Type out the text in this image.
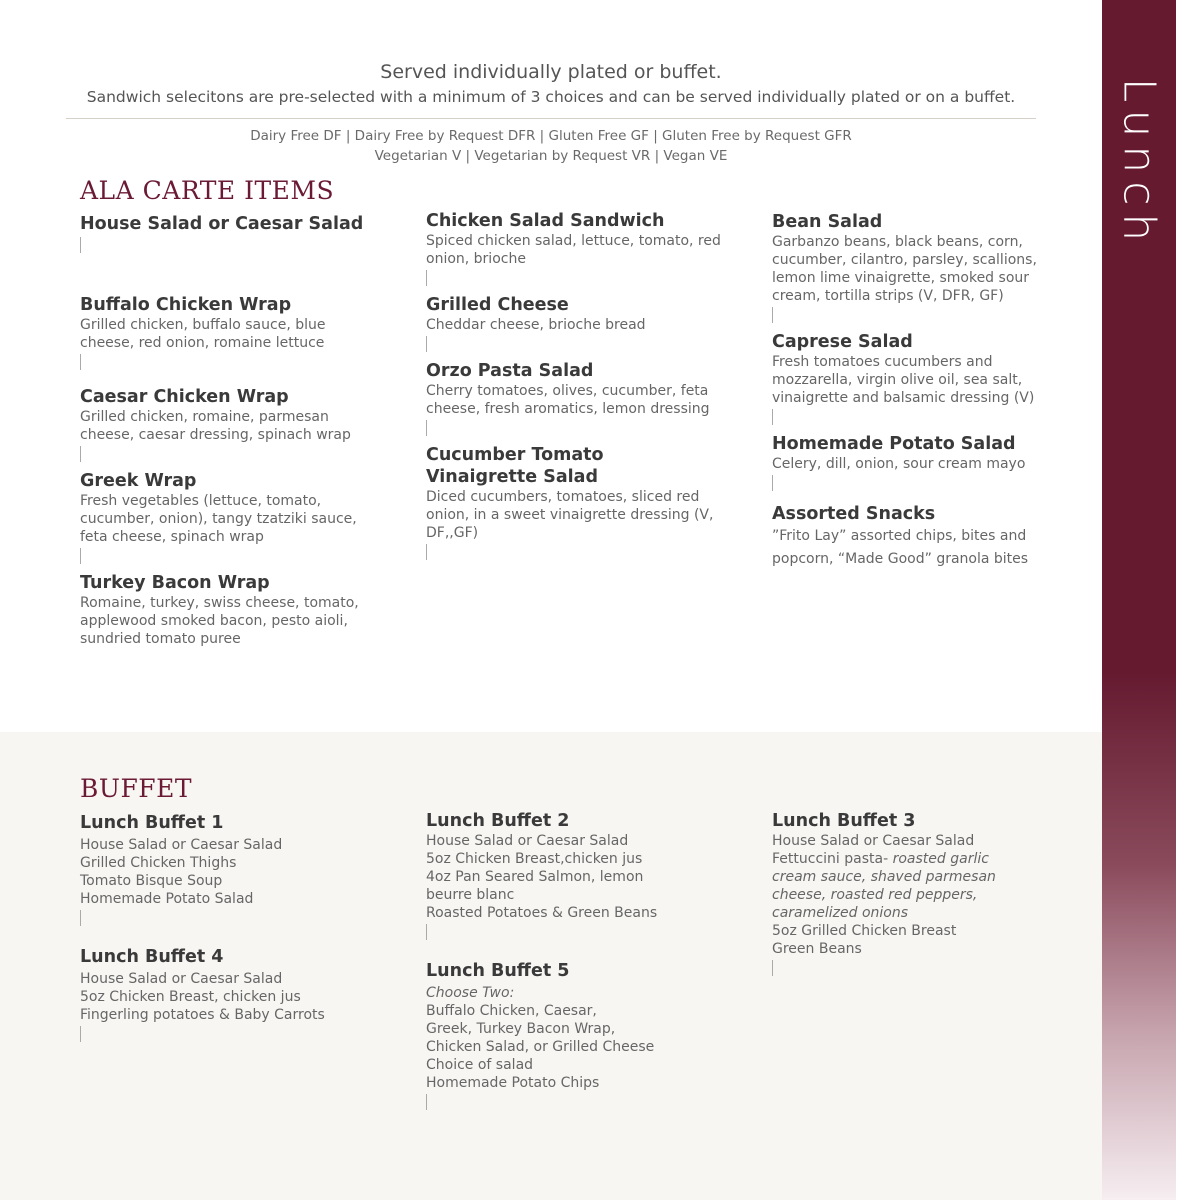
Lunch
Served individually plated or buffet.
Sandwich selecitons are pre-selected with a minimum of 3 choices and can be served individually plated or on a buffet.
Dairy Free DF | Dairy Free by Request DFR | Gluten Free GF | Gluten Free by Request GFR
Vegetarian V | Vegetarian by Request VR | Vegan VE
ALA CARTE ITEMS
House Salad or Caesar Salad
Buffalo Chicken Wrap

Grilled chicken, buffalo sauce, blue cheese, red onion, romaine lettuce

Caesar Chicken Wrap

Grilled chicken, romaine, parmesan cheese, caesar dressing, spinach wrap

Greek Wrap

Fresh vegetables (lettuce, tomato, cucumber, onion), tangy tzatziki sauce, feta cheese, spinach wrap

Turkey Bacon Wrap

Romaine, turkey, swiss cheese, tomato, applewood smoked bacon, pesto aioli, sundried tomato puree

Chicken Salad Sandwich

Spiced chicken salad, lettuce, tomato, red onion, brioche

Grilled Cheese

Cheddar cheese, brioche bread

Orzo Pasta Salad

Cherry tomatoes, olives, cucumber, feta cheese, fresh aromatics, lemon dressing

Cucumber Tomato Vinaigrette Salad

Diced cucumbers, tomatoes, sliced red onion, in a sweet vinaigrette dressing (V, DF,,GF)

Bean Salad

Garbanzo beans, black beans, corn, cucumber, cilantro, parsley, scallions, lemon lime vinaigrette, smoked sour cream, tortilla strips (V, DFR, GF)

Caprese Salad

Fresh tomatoes cucumbers and mozzarella, virgin olive oil, sea salt, vinaigrette and balsamic dressing (V)

Homemade Potato Salad

Celery, dill, onion, sour cream mayo

Assorted Snacks

”Frito Lay” assorted chips, bites and popcorn, “Made Good” granola bites

BUFFET
Lunch Buffet 1

House Salad or Caesar Salad

Grilled Chicken Thighs

Tomato Bisque Soup

Homemade Potato Salad

Lunch Buffet 4

House Salad or Caesar Salad

5oz Chicken Breast, chicken jus

Fingerling potatoes & Baby Carrots

Lunch Buffet 2

House Salad or Caesar Salad

5oz Chicken Breast,chicken jus

4oz Pan Seared Salmon, lemon beurre blanc

Roasted Potatoes & Green Beans

Lunch Buffet 5

Choose Two:

Buffalo Chicken, Caesar,

Greek, Turkey Bacon Wrap,

Chicken Salad, or Grilled Cheese

Choice of salad

Homemade Potato Chips

Lunch Buffet 3

House Salad or Caesar Salad

Fettuccini pasta- roasted garlic cream sauce, shaved parmesan cheese, roasted red peppers, caramelized onions

5oz Grilled Chicken Breast

Green Beans
